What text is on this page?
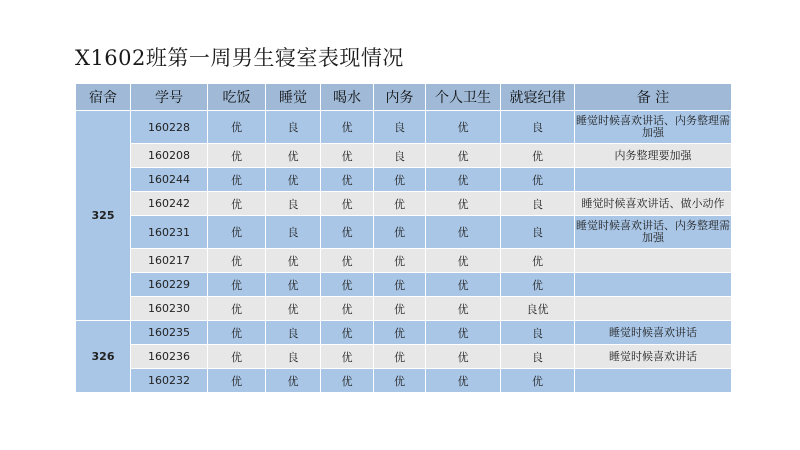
X1602班第一周男生寝室表现情况
宿舍	学号	吃饭	睡觉	喝水	内务	个人卫生	就寝纪律	备 注
325	160228	优	良	优	良	优	良	睡觉时候喜欢讲话、内务整理需加强
	160208	优	优	优	良	优	优	内务整理要加强
	160244	优	优	优	优	优	优	
	160242	优	良	优	优	优	良	睡觉时候喜欢讲话、做小动作
	160231	优	良	优	优	优	良	睡觉时候喜欢讲话、内务整理需加强
	160217	优	优	优	优	优	优	
	160229	优	优	优	优	优	优	
	160230	优	优	优	优	优	良优	
326	160235	优	良	优	优	优	良	睡觉时候喜欢讲话
	160236	优	良	优	优	优	良	睡觉时候喜欢讲话
	160232	优	优	优	优	优	优	
